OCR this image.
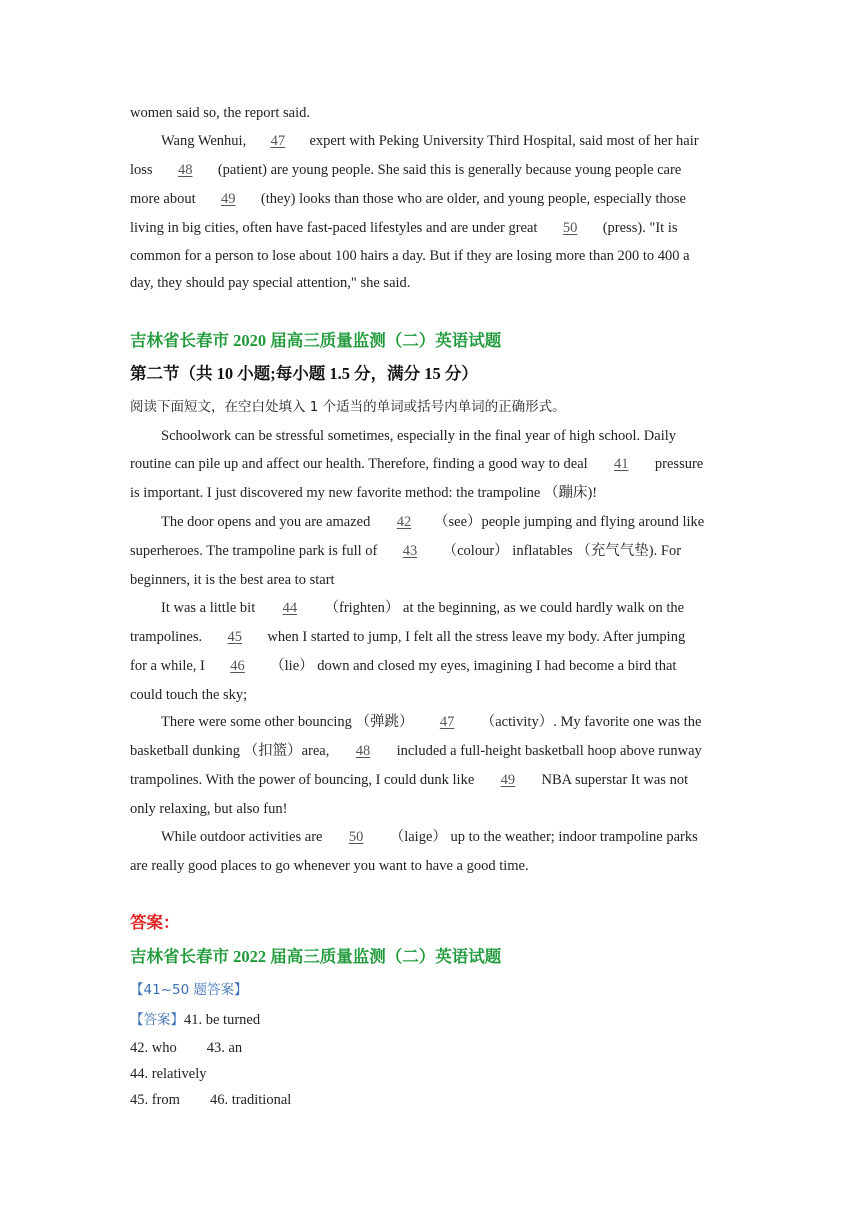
women said so, the report said.
Wang Wenhui, 47 expert with Peking University Third Hospital, said most of her hair
loss 48 (patient) are young people. She said this is generally because young people care
more about 49 (they) looks than those who are older, and young people, especially those
living in big cities, often have fast-paced lifestyles and are under great 50 (press). "It is
common for a person to lose about 100 hairs a day. But if they are losing more than 200 to 400 a
day, they should pay special attention," she said.
吉林省长春市 2020 届高三质量监测（二）英语试题
第二节（共 10 小题;每小题 1.5 分，满分 15 分）
阅读下面短文，在空白处填入 1 个适当的单词或括号内单词的正确形式。
Schoolwork can be stressful sometimes, especially in the final year of high school. Daily
routine can pile up and affect our health. Therefore, finding a good way to deal 41 pressure
is important. I just discovered my new favorite method: the trampoline （蹦床)!
The door opens and you are amazed 42 （see）people jumping and flying around like
superheroes. The trampoline park is full of 43 （colour） inflatables （充气气垫). For
beginners, it is the best area to start
It was a little bit 44 （frighten） at the beginning, as we could hardly walk on the
trampolines. 45 when I started to jump, I felt all the stress leave my body. After jumping
for a while, I 46 （lie） down and closed my eyes, imagining I had become a bird that
could touch the sky;
There were some other bouncing （弹跳） 47 （activity）. My favorite one was the
basketball dunking （扣篮）area, 48 included a full-height basketball hoop above runway
trampolines. With the power of bouncing, I could dunk like 49 NBA superstar It was not
only relaxing, but also fun!
While outdoor activities are 50 （laige） up to the weather; indoor trampoline parks
are really good places to go whenever you want to have a good time.
答案：
吉林省长春市 2022 届高三质量监测（二）英语试题
【41~50 题答案】
【答案】41. be turned
42. who 43. an
44. relatively
45. from 46. traditional
